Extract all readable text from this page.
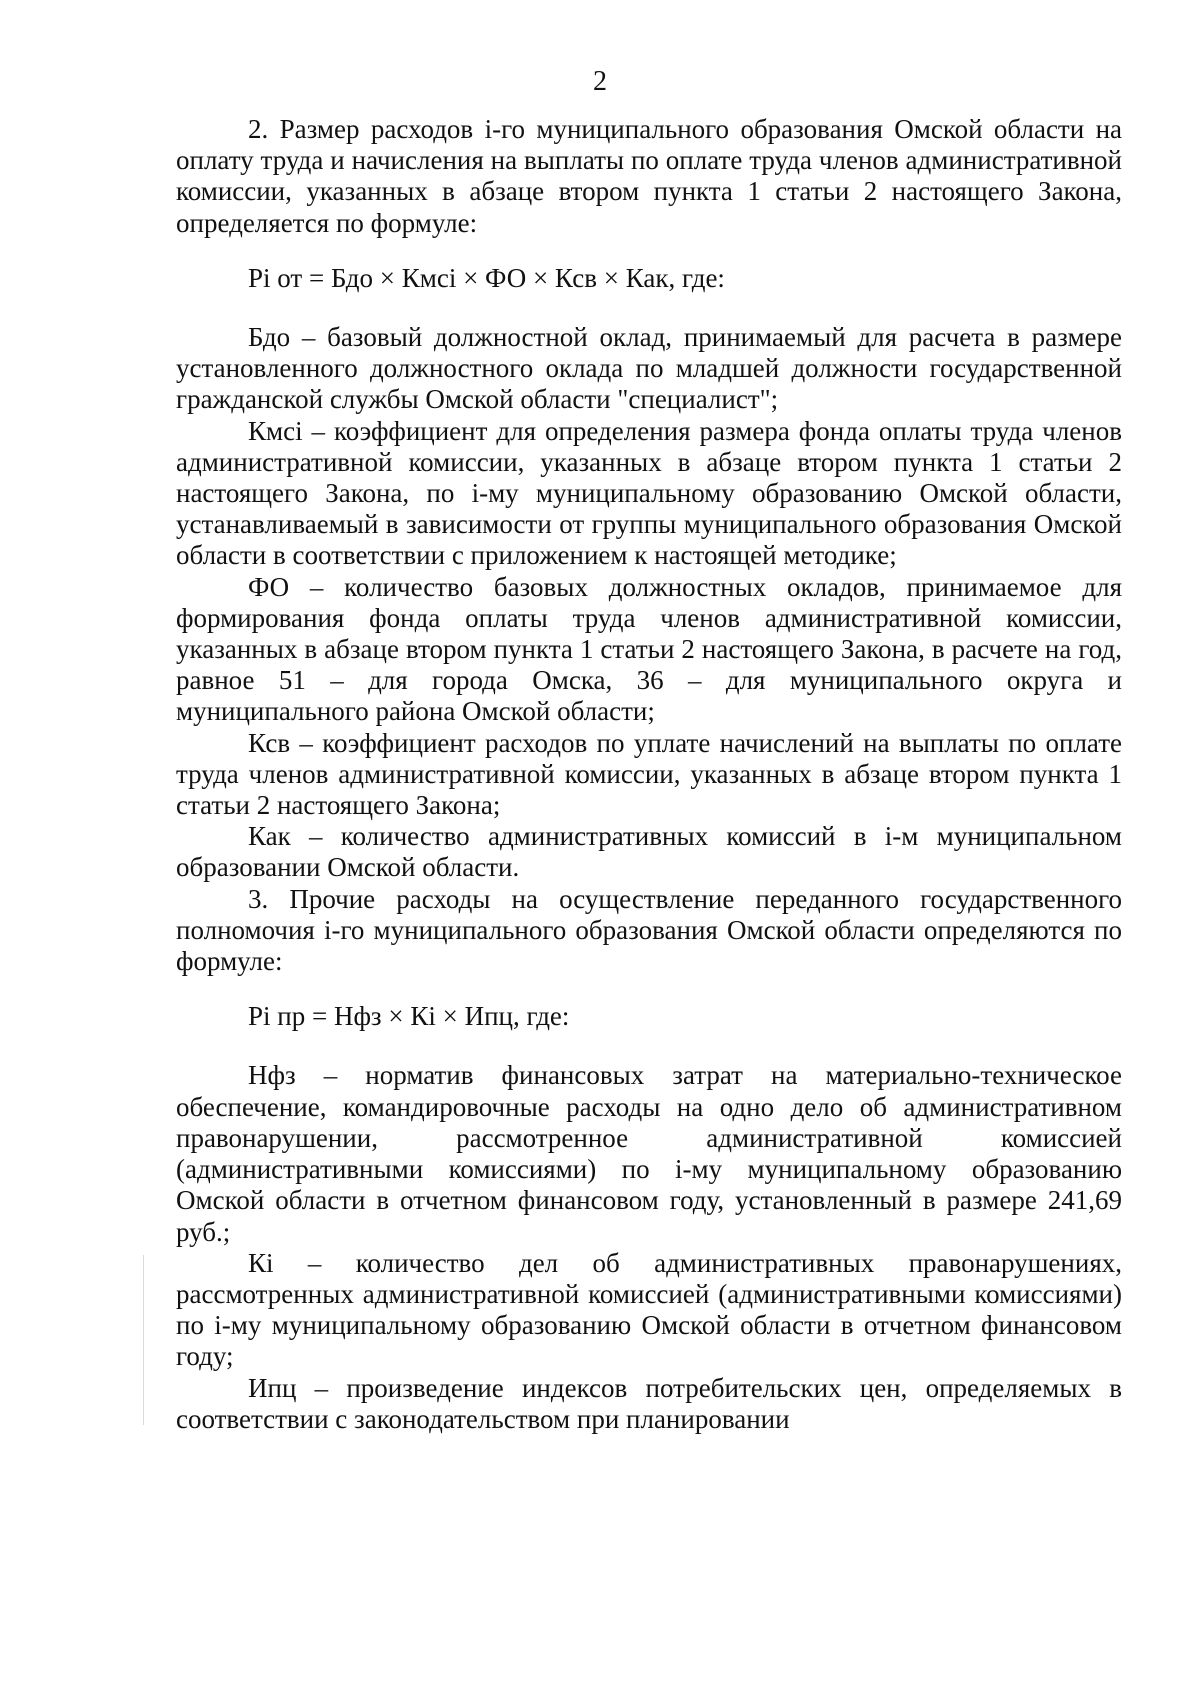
2

2. Размер расходов i-го муниципального образования Омской области на оплату труда и начисления на выплаты по оплате труда членов административной комиссии, указанных в абзаце втором пункта 1 статьи 2 настоящего Закона, определяется по формуле:

Pi от = Бдо × Кмсi × ФО × Ксв × Как, где:

Бдо – базовый должностной оклад, принимаемый для расчета в размере установленного должностного оклада по младшей должности государственной гражданской службы Омской области "специалист";

Кмсi – коэффициент для определения размера фонда оплаты труда членов административной комиссии, указанных в абзаце втором пункта 1 статьи 2 настоящего Закона, по i-му муниципальному образованию Омской области, устанавливаемый в зависимости от группы муниципального образования Омской области в соответствии с приложением к настоящей методике;

ФО – количество базовых должностных окладов, принимаемое для формирования фонда оплаты труда членов административной комиссии, указанных в абзаце втором пункта 1 статьи 2 настоящего Закона, в расчете на год, равное 51 – для города Омска, 36 – для муниципального округа и муниципального района Омской области;

Ксв – коэффициент расходов по уплате начислений на выплаты по оплате труда членов административной комиссии, указанных в абзаце втором пункта 1 статьи 2 настоящего Закона;

Как – количество административных комиссий в i-м муниципальном образовании Омской области.

3. Прочие расходы на осуществление переданного государственного полномочия i-го муниципального образования Омской области определяются по формуле:

Pi пр = Нфз × Кi × Ипц, где:

Нфз – норматив финансовых затрат на материально-техническое обеспечение, командировочные расходы на одно дело об административном правонарушении, рассмотренное административной комиссией (административными комиссиями) по i-му муниципальному образованию Омской области в отчетном финансовом году, установленный в размере 241,69 руб.;

Кi – количество дел об административных правонарушениях, рассмотренных административной комиссией (административными комиссиями) по i-му муниципальному образованию Омской области в отчетном финансовом году;

Ипц – произведение индексов потребительских цен, определяемых в соответствии с законодательством при планировании
